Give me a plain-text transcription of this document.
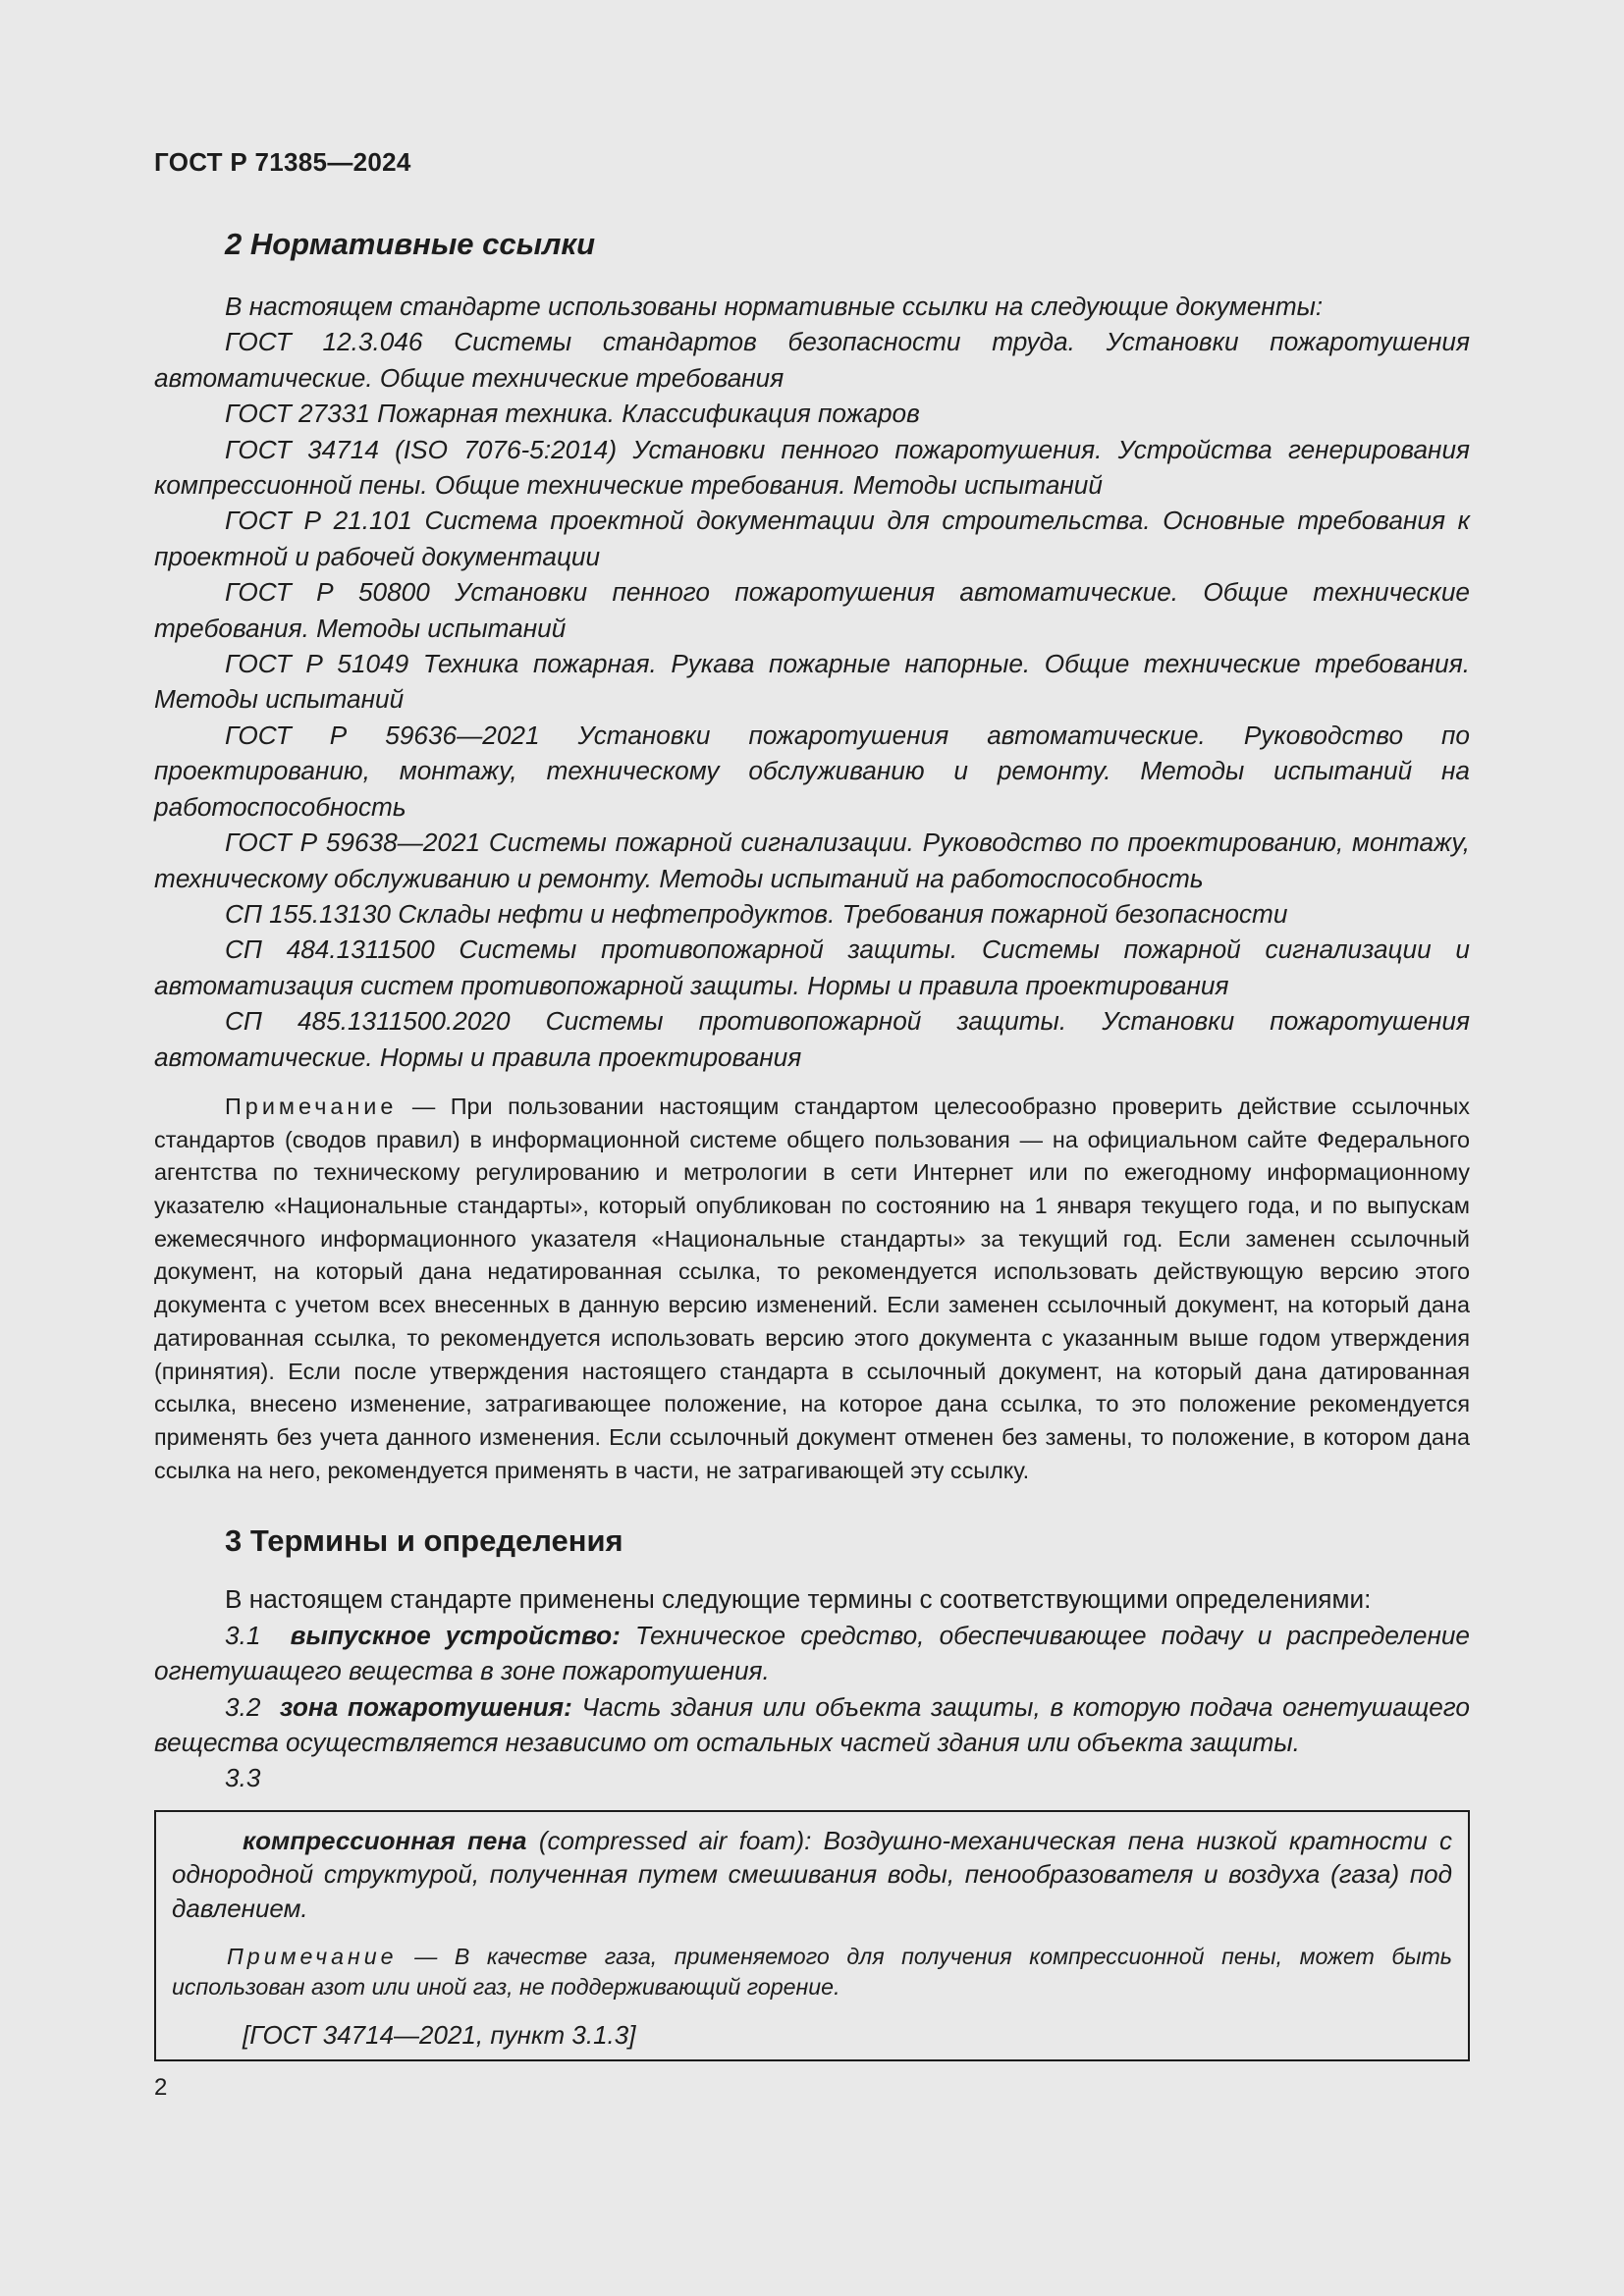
ГОСТ Р 71385—2024
2 Нормативные ссылки

В настоящем стандарте использованы нормативные ссылки на следующие документы:

ГОСТ 12.3.046 Системы стандартов безопасности труда. Установки пожаротушения автоматические. Общие технические требования

ГОСТ 27331 Пожарная техника. Классификация пожаров

ГОСТ 34714 (ISO 7076-5:2014) Установки пенного пожаротушения. Устройства генерирования компрессионной пены. Общие технические требования. Методы испытаний

ГОСТ Р 21.101 Система проектной документации для строительства. Основные требования к проектной и рабочей документации

ГОСТ Р 50800 Установки пенного пожаротушения автоматические. Общие технические требования. Методы испытаний

ГОСТ Р 51049 Техника пожарная. Рукава пожарные напорные. Общие технические требования. Методы испытаний

ГОСТ Р 59636—2021 Установки пожаротушения автоматические. Руководство по проектированию, монтажу, техническому обслуживанию и ремонту. Методы испытаний на работоспособность

ГОСТ Р 59638—2021 Системы пожарной сигнализации. Руководство по проектированию, монтажу, техническому обслуживанию и ремонту. Методы испытаний на работоспособность

СП 155.13130 Склады нефти и нефтепродуктов. Требования пожарной безопасности

СП 484.1311500 Системы противопожарной защиты. Системы пожарной сигнализации и автоматизация систем противопожарной защиты. Нормы и правила проектирования

СП 485.1311500.2020 Системы противопожарной защиты. Установки пожаротушения автоматические. Нормы и правила проектирования

Примечание — При пользовании настоящим стандартом целесообразно проверить действие ссылочных стандартов (сводов правил) в информационной системе общего пользования — на официальном сайте Федерального агентства по техническому регулированию и метрологии в сети Интернет или по ежегодному информационному указателю «Национальные стандарты», который опубликован по состоянию на 1 января текущего года, и по выпускам ежемесячного информационного указателя «Национальные стандарты» за текущий год. Если заменен ссылочный документ, на который дана недатированная ссылка, то рекомендуется использовать действующую версию этого документа с учетом всех внесенных в данную версию изменений. Если заменен ссылочный документ, на который дана датированная ссылка, то рекомендуется использовать версию этого документа с указанным выше годом утверждения (принятия). Если после утверждения настоящего стандарта в ссылочный документ, на который дана датированная ссылка, внесено изменение, затрагивающее положение, на которое дана ссылка, то это положение рекомендуется применять без учета данного изменения. Если ссылочный документ отменен без замены, то положение, в котором дана ссылка на него, рекомендуется применять в части, не затрагивающей эту ссылку.

3 Термины и определения

В настоящем стандарте применены следующие термины с соответствующими определениями:

3.1 выпускное устройство: Техническое средство, обеспечивающее подачу и распределение огнетушащего вещества в зоне пожаротушения.

3.2 зона пожаротушения: Часть здания или объекта защиты, в которую подача огнетушащего вещества осуществляется независимо от остальных частей здания или объекта защиты.

3.3

компрессионная пена (compressed air foam): Воздушно-механическая пена низкой кратности с однородной структурой, полученная путем смешивания воды, пенообразователя и воздуха (газа) под давлением.

Примечание — В качестве газа, применяемого для получения компрессионной пены, может быть использован азот или иной газ, не поддерживающий горение.

[ГОСТ 34714—2021, пункт 3.1.3]

2
